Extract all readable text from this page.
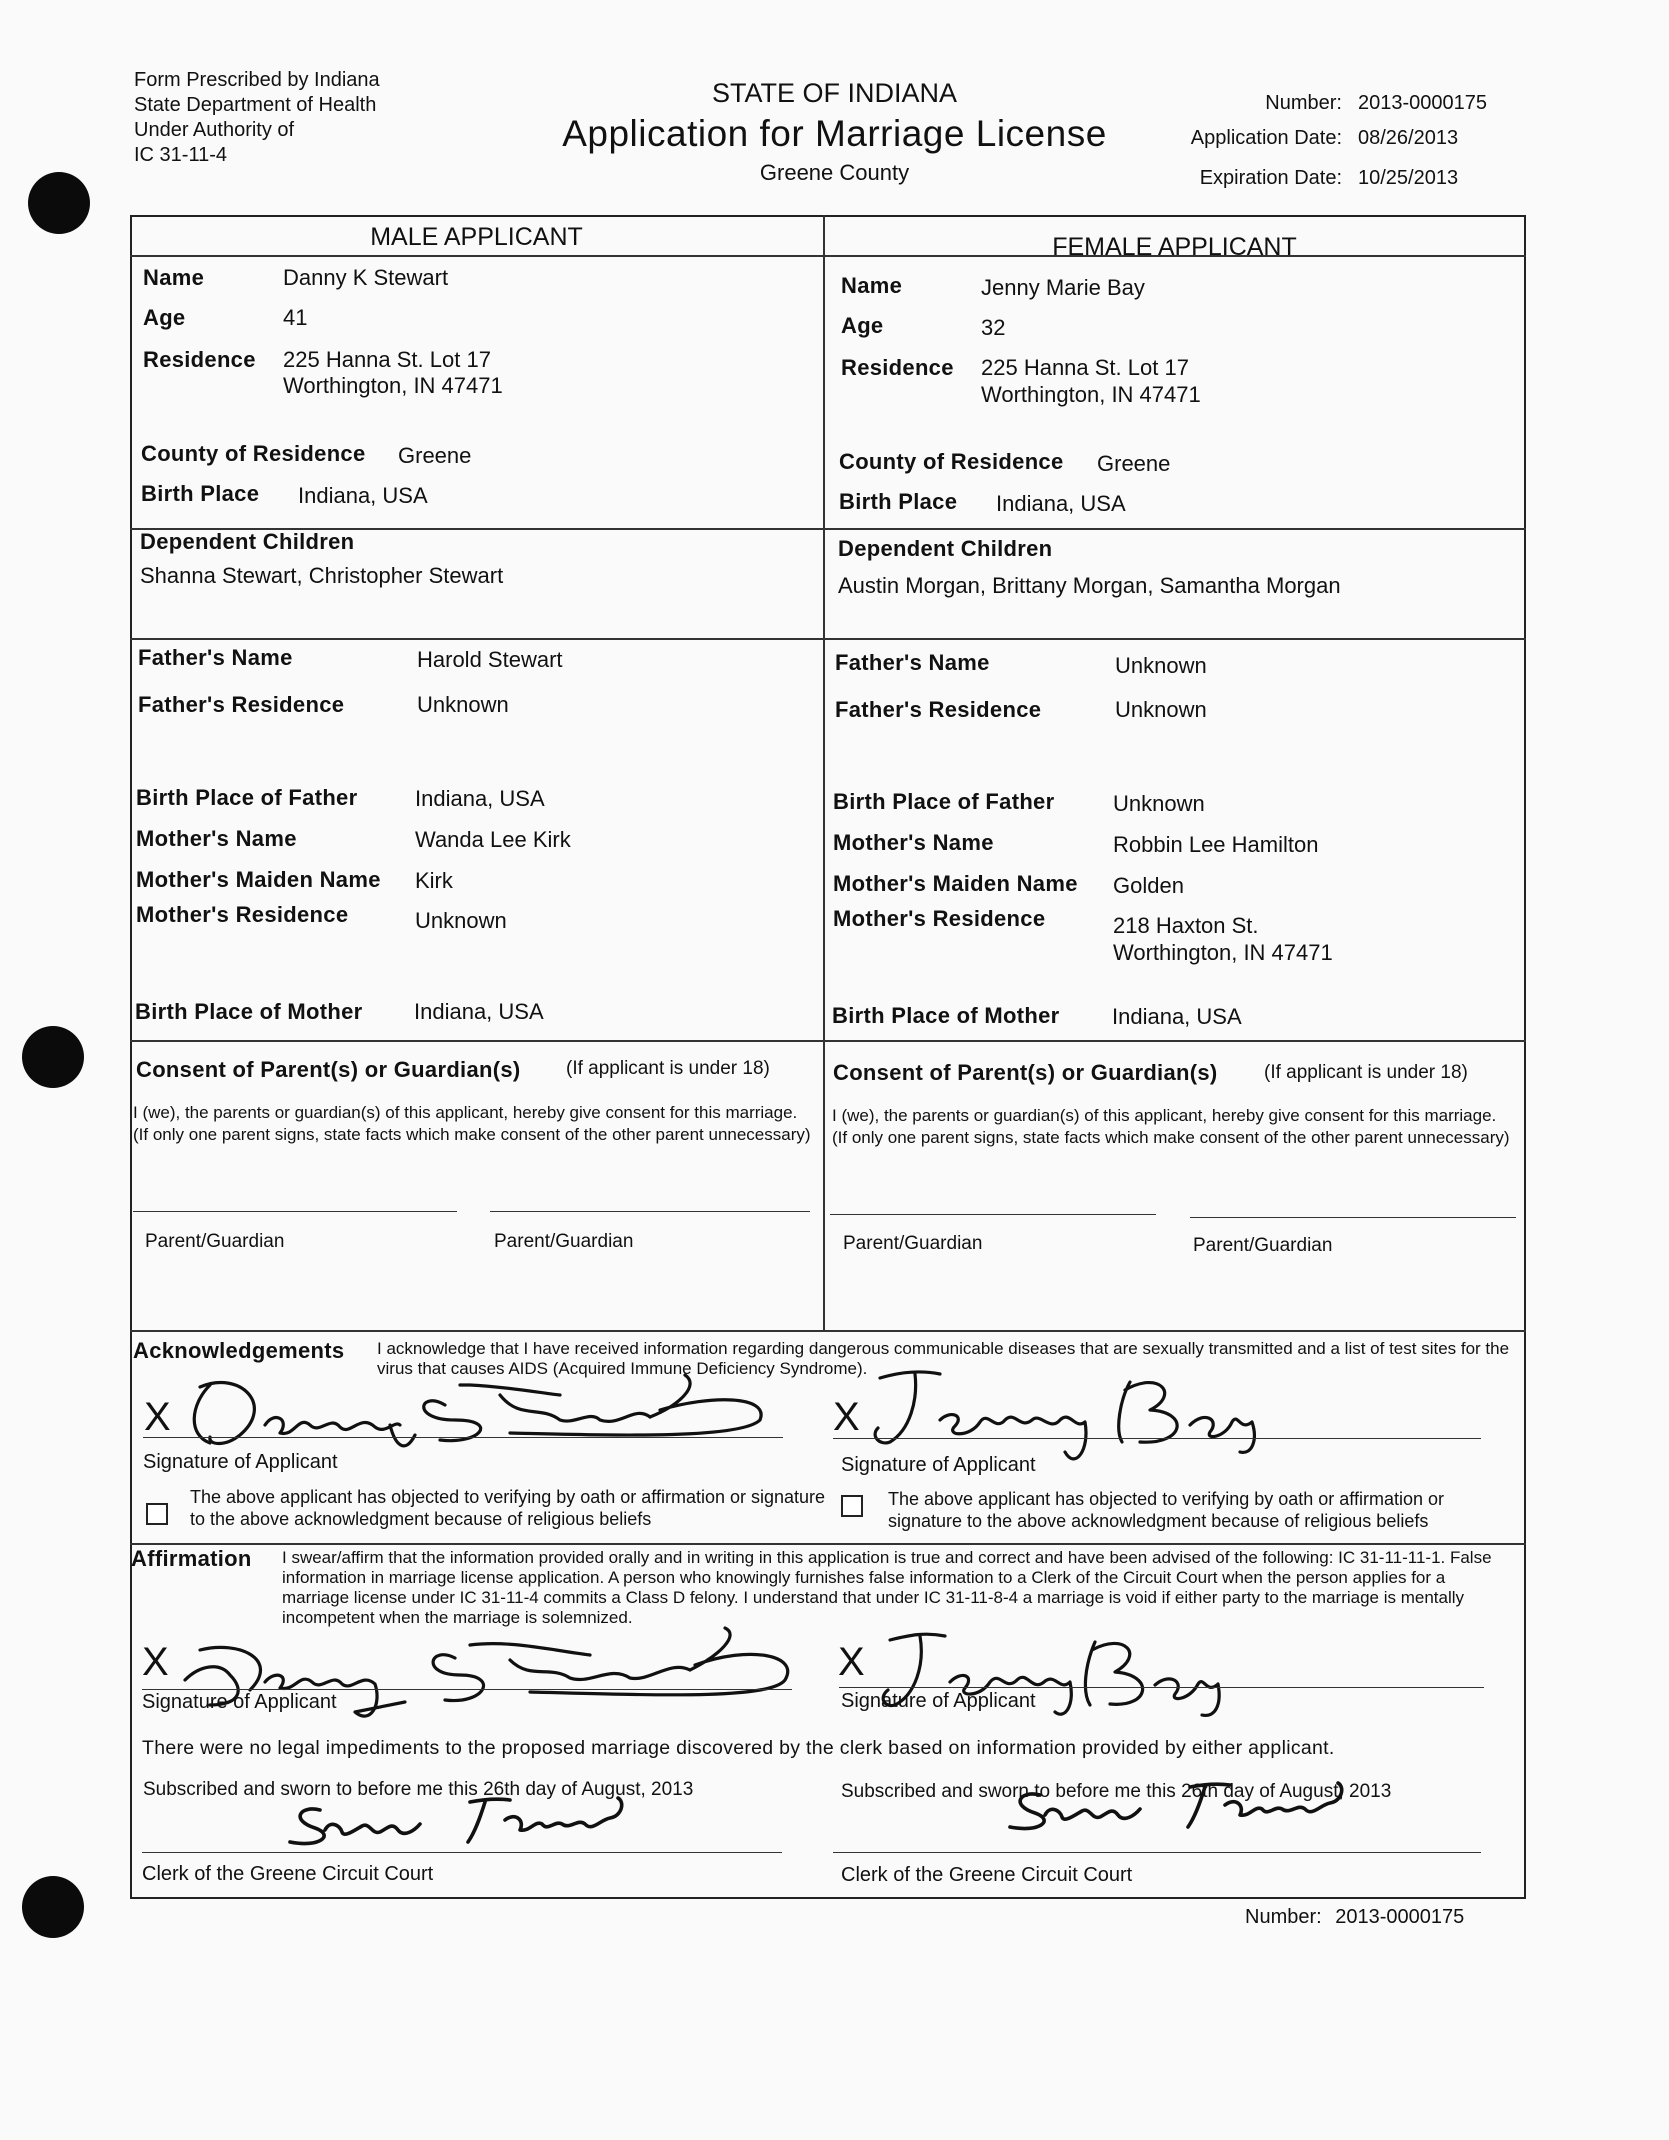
Form Prescribed by Indiana
State Department of Health
Under Authority of
IC 31-11-4
STATE OF INDIANA
Application for Marriage License
Greene County
Number: 2013-0000175
Application Date: 08/26/2013
Expiration Date: 10/25/2013
MALE APPLICANT	FEMALE APPLICANT
Name	Danny K Stewart
Age	41
Residence 225 Hanna St. Lot 17
Worthington, IN 47471
County of Residence Greene
Birth Place Indiana, USA
Name	Jenny Marie Bay
Age	32
Residence 225 Hanna St. Lot 17
Worthington, IN 47471
County of Residence Greene
Birth Place Indiana, USA
Dependent Children
Shanna Stewart, Christopher Stewart
Dependent Children
Austin Morgan, Brittany Morgan, Samantha Morgan
Father's Name	Harold Stewart
Father's Residence	Unknown
Birth Place of Father	Indiana, USA
Mother's Name	Wanda Lee Kirk
Mother's Maiden Name Kirk
Mother's Residence	Unknown
Birth Place of Mother Indiana, USA
Father's Name	Unknown
Father's Residence	Unknown
Birth Place of Father	Unknown
Mother's Name	Robbin Lee Hamilton
Mother's Maiden Name Golden
Mother's Residence	218 Haxton St.
Worthington, IN 47471
Birth Place of Mother Indiana, USA
Consent of Parent(s) or Guardian(s) (If applicant is under 18)
I (we), the parents or guardian(s) of this applicant, hereby give consent for this marriage. (If only one parent signs, state facts which make consent of the other parent unnecessary)
Parent/Guardian	Parent/Guardian
Consent of Parent(s) or Guardian(s) (If applicant is under 18)
I (we), the parents or guardian(s) of this applicant, hereby give consent for this marriage. (If only one parent signs, state facts which make consent of the other parent unnecessary)
Parent/Guardian	Parent/Guardian
Acknowledgements I acknowledge that I have received information regarding dangerous communicable diseases that are sexually transmitted and a list of test sites for the virus that causes AIDS (Acquired Immune Deficiency Syndrome).
X
Signature of Applicant
The above applicant has objected to verifying by oath or affirmation or signature to the above acknowledgment because of religious beliefs
X
Signature of Applicant
The above applicant has objected to verifying by oath or affirmation or signature to the above acknowledgment because of religious beliefs
Affirmation I swear/affirm that the information provided orally and in writing in this application is true and correct and have been advised of the following: IC 31-11-11-1. False information in marriage license application. A person who knowingly furnishes false information to a Clerk of the Circuit Court when the person applies for a marriage license under IC 31-11-4 commits a Class D felony. I understand that under IC 31-11-8-4 a marriage is void if either party to the marriage is mentally incompetent when the marriage is solemnized.
X
Signature of Applicant
X
Signature of Applicant
There were no legal impediments to the proposed marriage discovered by the clerk based on information provided by either applicant.
Subscribed and sworn to before me this 26th day of August, 2013
Clerk of the Greene Circuit Court
Subscribed and sworn to before me this 26th day of August, 2013
Clerk of the Greene Circuit Court
Number: 2013-0000175
